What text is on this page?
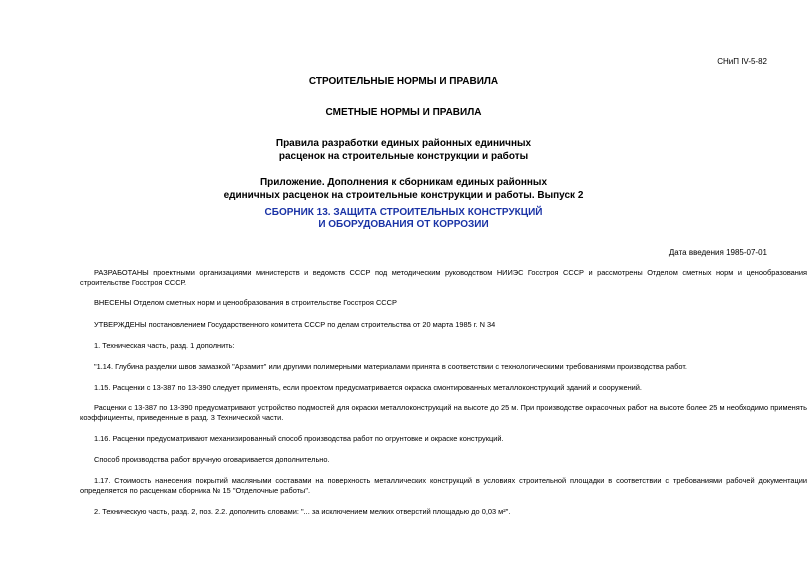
СНиП IV-5-82
СТРОИТЕЛЬНЫЕ НОРМЫ И ПРАВИЛА
СМЕТНЫЕ НОРМЫ И ПРАВИЛА
Правила разработки единых районных единичных
расценок на строительные конструкции и работы
Приложение. Дополнения к сборникам единых районных
единичных расценок на строительные конструкции и работы. Выпуск 2
СБОРНИК 13. ЗАЩИТА СТРОИТЕЛЬНЫХ КОНСТРУКЦИЙ
И ОБОРУДОВАНИЯ ОТ КОРРОЗИИ
Дата введения 1985-07-01
РАЗРАБОТАНЫ проектными организациями министерств и ведомств СССР под методическим руководством НИИЭС Госстроя СССР и рассмотрены Отделом сметных норм и ценообразования строительстве Госстроя СССР.
ВНЕСЕНЫ Отделом сметных норм и ценообразования в строительстве Госстроя СССР
УТВЕРЖДЕНЫ постановлением Государственного комитета СССР по делам строительства от 20 марта 1985 г. N 34
1. Техническая часть, разд. 1 дополнить:
"1.14. Глубина разделки швов замазкой "Арзамит" или другими полимерными материалами принята в соответствии с технологическими требованиями производства работ.
1.15. Расценки с 13-387 по 13-390 следует применять, если проектом предусматривается окраска смонтированных металлоконструкций зданий и сооружений.
Расценки с 13-387 по 13-390 предусматривают устройство подмостей для окраски металлоконструкций на высоте до 25 м. При производстве окрасочных работ на высоте более 25 м необходимо применять коэффициенты, приведенные в разд. 3 Технической части.
1.16. Расценки предусматривают механизированный способ производства работ по огрунтовке и окраске конструкций.
Способ производства работ вручную оговаривается дополнительно.
1.17. Стоимость нанесения покрытий масляными составами на поверхность металлических конструкций в условиях строительной площадки в соответствии с требованиями рабочей документации определяется по расценкам сборника № 15 "Отделочные работы".
2. Техническую часть, разд. 2, поз. 2.2. дополнить словами: "... за исключением мелких отверстий площадью до 0,03 м²".
